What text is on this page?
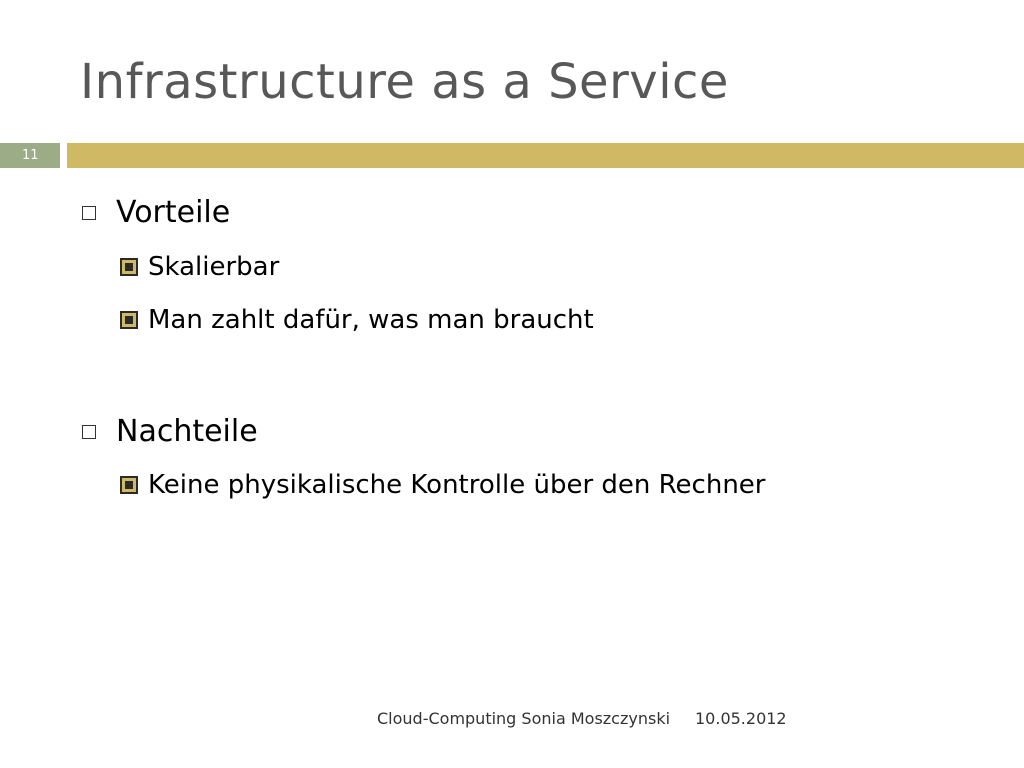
Infrastructure as a Service
11
Vorteile
Skalierbar
Man zahlt dafür, was man braucht
Nachteile
Keine physikalische Kontrolle über den Rechner
Cloud-Computing Sonia Moszczynski 10.05.2012
